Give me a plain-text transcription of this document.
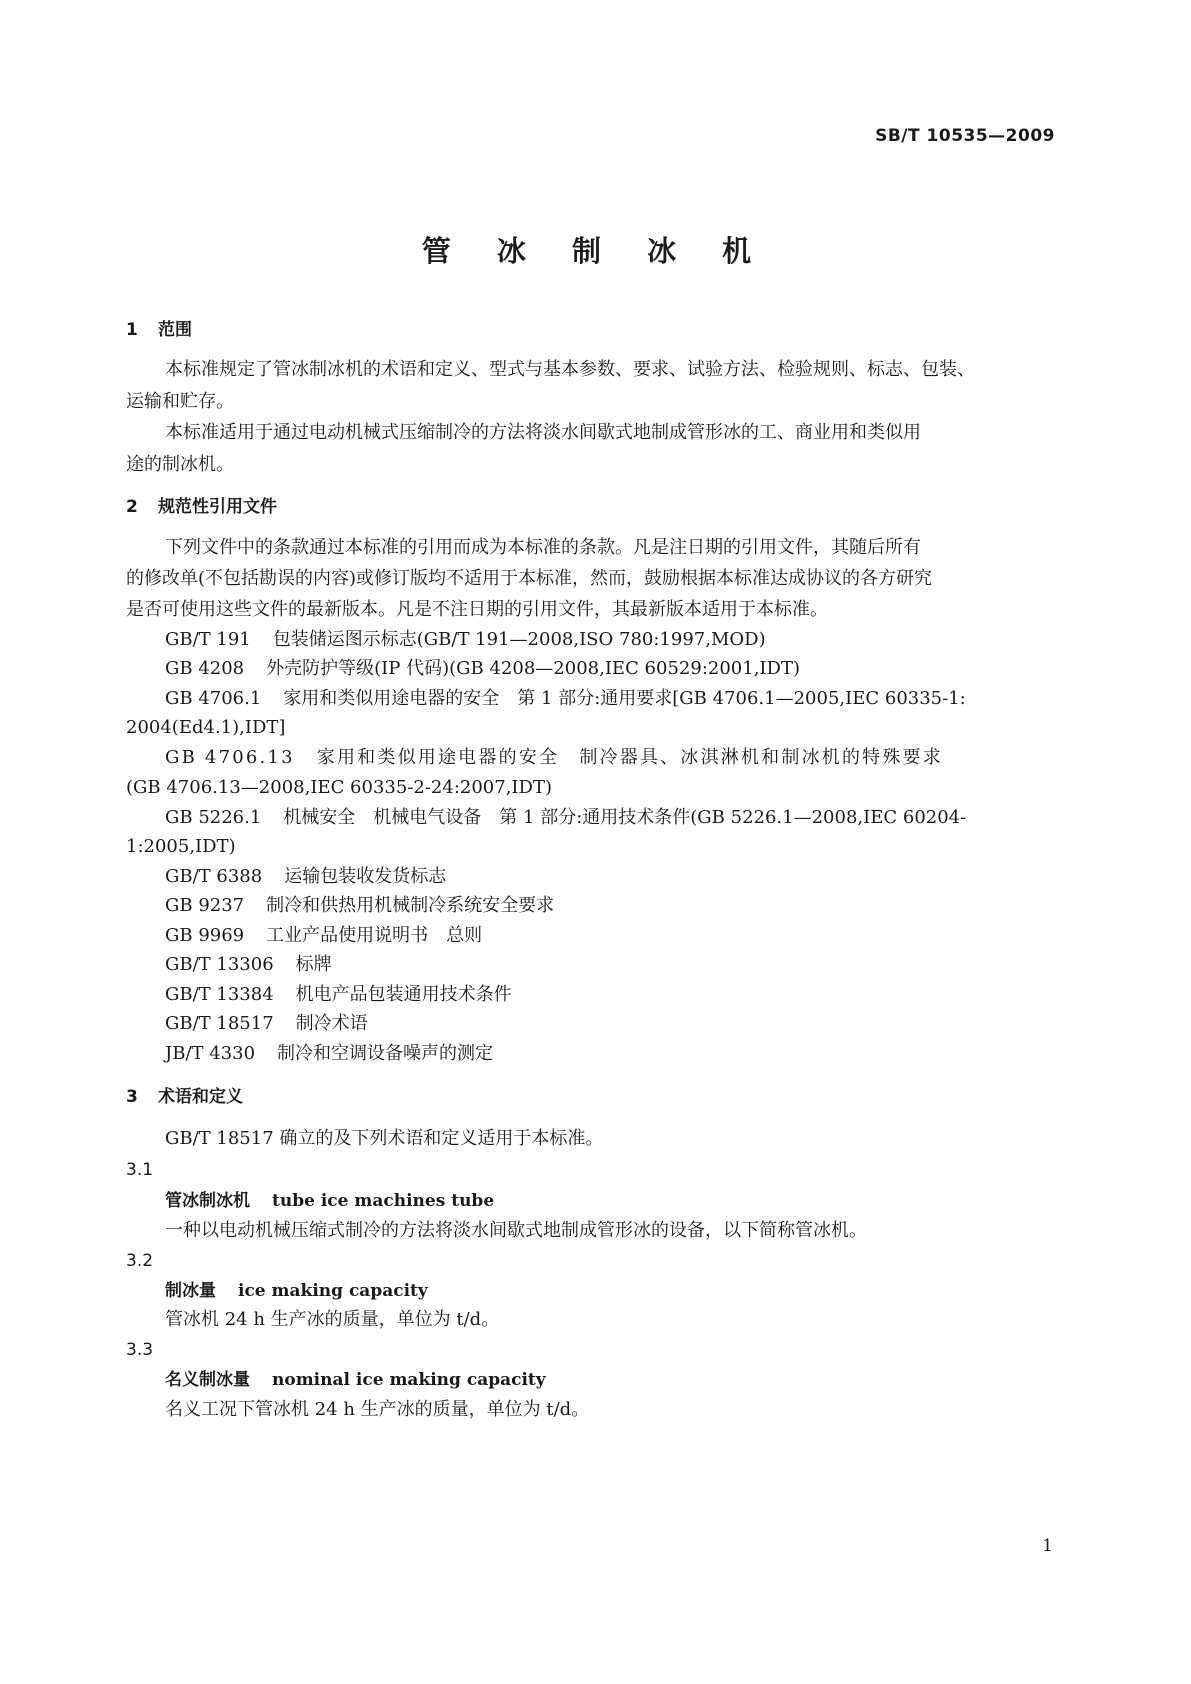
SB/T 10535—2009
管 冰 制 冰 机
1 范围
本标准规定了管冰制冰机的术语和定义、型式与基本参数、要求、试验方法、检验规则、标志、包装、
运输和贮存。
本标准适用于通过电动机械式压缩制冷的方法将淡水间歇式地制成管形冰的工、商业用和类似用
途的制冰机。
2 规范性引用文件
下列文件中的条款通过本标准的引用而成为本标准的条款。凡是注日期的引用文件，其随后所有
的修改单(不包括勘误的内容)或修订版均不适用于本标准，然而，鼓励根据本标准达成协议的各方研究
是否可使用这些文件的最新版本。凡是不注日期的引用文件，其最新版本适用于本标准。
GB/T 191 包装储运图示标志(GB/T 191—2008,ISO 780:1997,MOD)
GB 4208 外壳防护等级(IP 代码)(GB 4208—2008,IEC 60529:2001,IDT)
GB 4706.1 家用和类似用途电器的安全　第 1 部分:通用要求[GB 4706.1—2005,IEC 60335-1:
2004(Ed4.1),IDT]
GB 4706.13 家用和类似用途电器的安全　制冷器具、冰淇淋机和制冰机的特殊要求
(GB 4706.13—2008,IEC 60335-2-24:2007,IDT)
GB 5226.1 机械安全　机械电气设备　第 1 部分:通用技术条件(GB 5226.1—2008,IEC 60204-
1:2005,IDT)
GB/T 6388 运输包装收发货标志
GB 9237 制冷和供热用机械制冷系统安全要求
GB 9969 工业产品使用说明书　总则
GB/T 13306 标牌
GB/T 13384 机电产品包装通用技术条件
GB/T 18517 制冷术语
JB/T 4330 制冷和空调设备噪声的测定
3 术语和定义
GB/T 18517 确立的及下列术语和定义适用于本标准。
3.1
管冰制冰机 tube ice machines tube
一种以电动机械压缩式制冷的方法将淡水间歇式地制成管形冰的设备，以下简称管冰机。
3.2
制冰量 ice making capacity
管冰机 24 h 生产冰的质量，单位为 t/d。
3.3
名义制冰量 nominal ice making capacity
名义工况下管冰机 24 h 生产冰的质量，单位为 t/d。
1
